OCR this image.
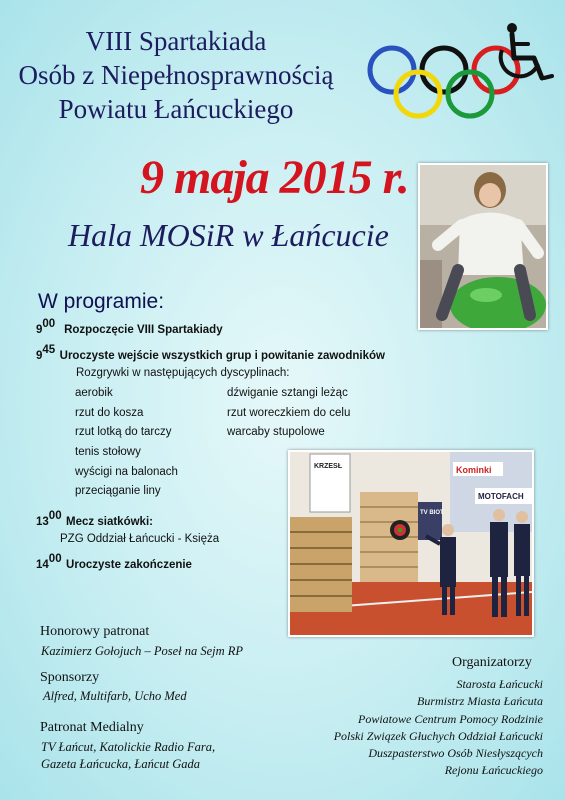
VIII Spartakiada
Osób z Niepełnosprawnością
Powiatu Łańcuckiego
9 maja 2015 r.
Hala MOSiR w Łańcucie
W programie:
$9^{00}$ Rozpoczęcie VIII Spartakiady
$9^{45}$ Uroczyste wejście wszystkich grup i powitanie zawodników
Rozgrywki w następujących dyscyplinach:
aerobik
rzut do kosza
rzut lotką do tarczy
tenis stołowy
wyścigi na balonach
przeciąganie liny
dźwiganie sztangi leżąc
rzut woreczkiem do celu
warcaby stupolowe
$13^{00}$ Mecz siatkówki:
PZG Oddział Łańcucki - Księża
$14^{00}$ Uroczyste zakończenie
KRZESŁ
TV BIOT
Kominki
MOTOFACH
Honorowy patronat
Kazimierz Gołojuch – Poseł na Sejm RP
Sponsorzy
Alfred, Multifarb, Ucho Med
Patronat Medialny
TV Łańcut, Katolickie Radio Fara,
Gazeta Łańcucka, Łańcut Gada
Organizatorzy
Starosta Łańcucki
Burmistrz Miasta Łańcuta
Powiatowe Centrum Pomocy Rodzinie
Polski Związek Głuchych Oddział Łańcucki
Duszpasterstwo Osób Niesłyszących
Rejonu Łańcuckiego
